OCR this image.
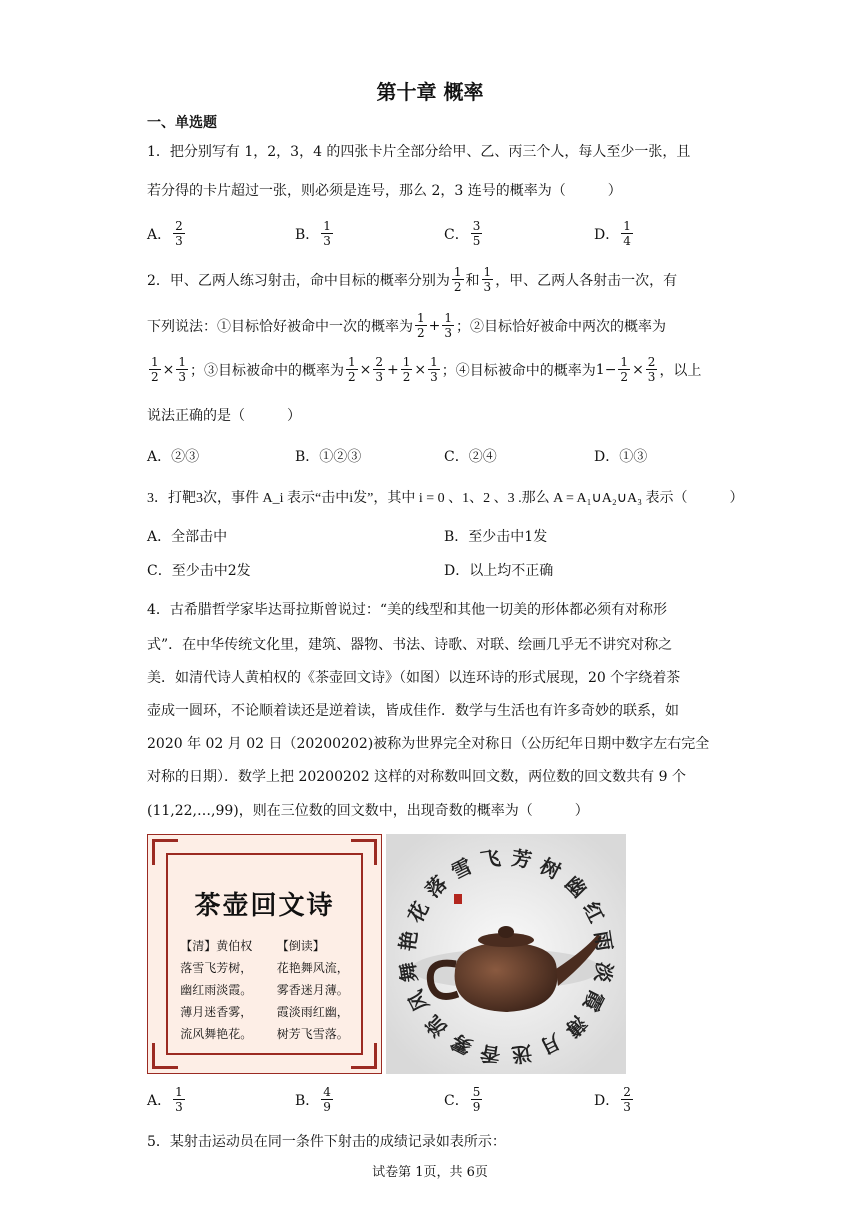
第十章 概率
一、单选题
1．把分别写有 1，2，3，4 的四张卡片全部分给甲、乙、丙三个人，每人至少一张，且
若分得的卡片超过一张，则必须是连号，那么 2，3 连号的概率为（　　　）
A． $\frac{2}{3}$	B． $\frac{1}{3}$	C． $\frac{3}{5}$	D． $\frac{1}{4}$
2．甲、乙两人练习射击，命中目标的概率分别为 $\frac{1}{2}$ 和 $\frac{1}{3}$ ，甲、乙两人各射击一次，有
下列说法：①目标恰好被命中一次的概率为 $\frac{1}{2} + \frac{1}{3}$ ；②目标恰好被命中两次的概率为
$\frac{1}{2} \times \frac{1}{3}$ ；③目标被命中的概率为 $\frac{1}{2} \times \frac{2}{3} + \frac{1}{2} \times \frac{1}{3}$ ；④目标被命中的概率为 $1- \frac{1}{2} \times \frac{2}{3}$ ，以上
说法正确的是（　　　）
A．②③	B．①②③	C．②④	D．①③
3．打靶3次，事件 A_i 表示“击中i发”，其中 i = 0 、1、2 、3 .那么 A = A₁∪A₂∪A₃ 表示（　　　）
A．全部击中	B．至少击中1发
C．至少击中2发	D．以上均不正确
4．古希腊哲学家毕达哥拉斯曾说过：“美的线型和其他一切美的形体都必须有对称形
式”．在中华传统文化里，建筑、器物、书法、诗歌、对联、绘画几乎无不讲究对称之
美．如清代诗人黄柏权的《茶壶回文诗》（如图）以连环诗的形式展现，20 个字绕着茶
壶成一圆环，不论顺着读还是逆着读，皆成佳作．数学与生活也有许多奇妙的联系，如
2020 年 02 月 02 日（20200202)被称为世界完全对称日（公历纪年日期中数字左右完全
对称的日期）．数学上把 20200202 这样的对称数叫回文数，两位数的回文数共有 9 个
(11,22,…,99)，则在三位数的回文数中，出现奇数的概率为（　　　）
茶壶回文诗
【清】黄伯权
落雪飞芳树，
幽红雨淡霞。
薄月迷香雾，
流风舞艳花。
【倒读】
花艳舞风流，
雾香迷月薄。
霞淡雨红幽，
树芳飞雪落。
落
雪 飞 芳 树
幽
红
雨
淡
霞
薄
月
迷
香
雾
流
风
舞
艳
花
A． $\frac{1}{3}$	B． $\frac{4}{9}$	C． $\frac{5}{9}$	D． $\frac{2}{3}$
5．某射击运动员在同一条件下射击的成绩记录如表所示：
试卷第 1页，共 6页
